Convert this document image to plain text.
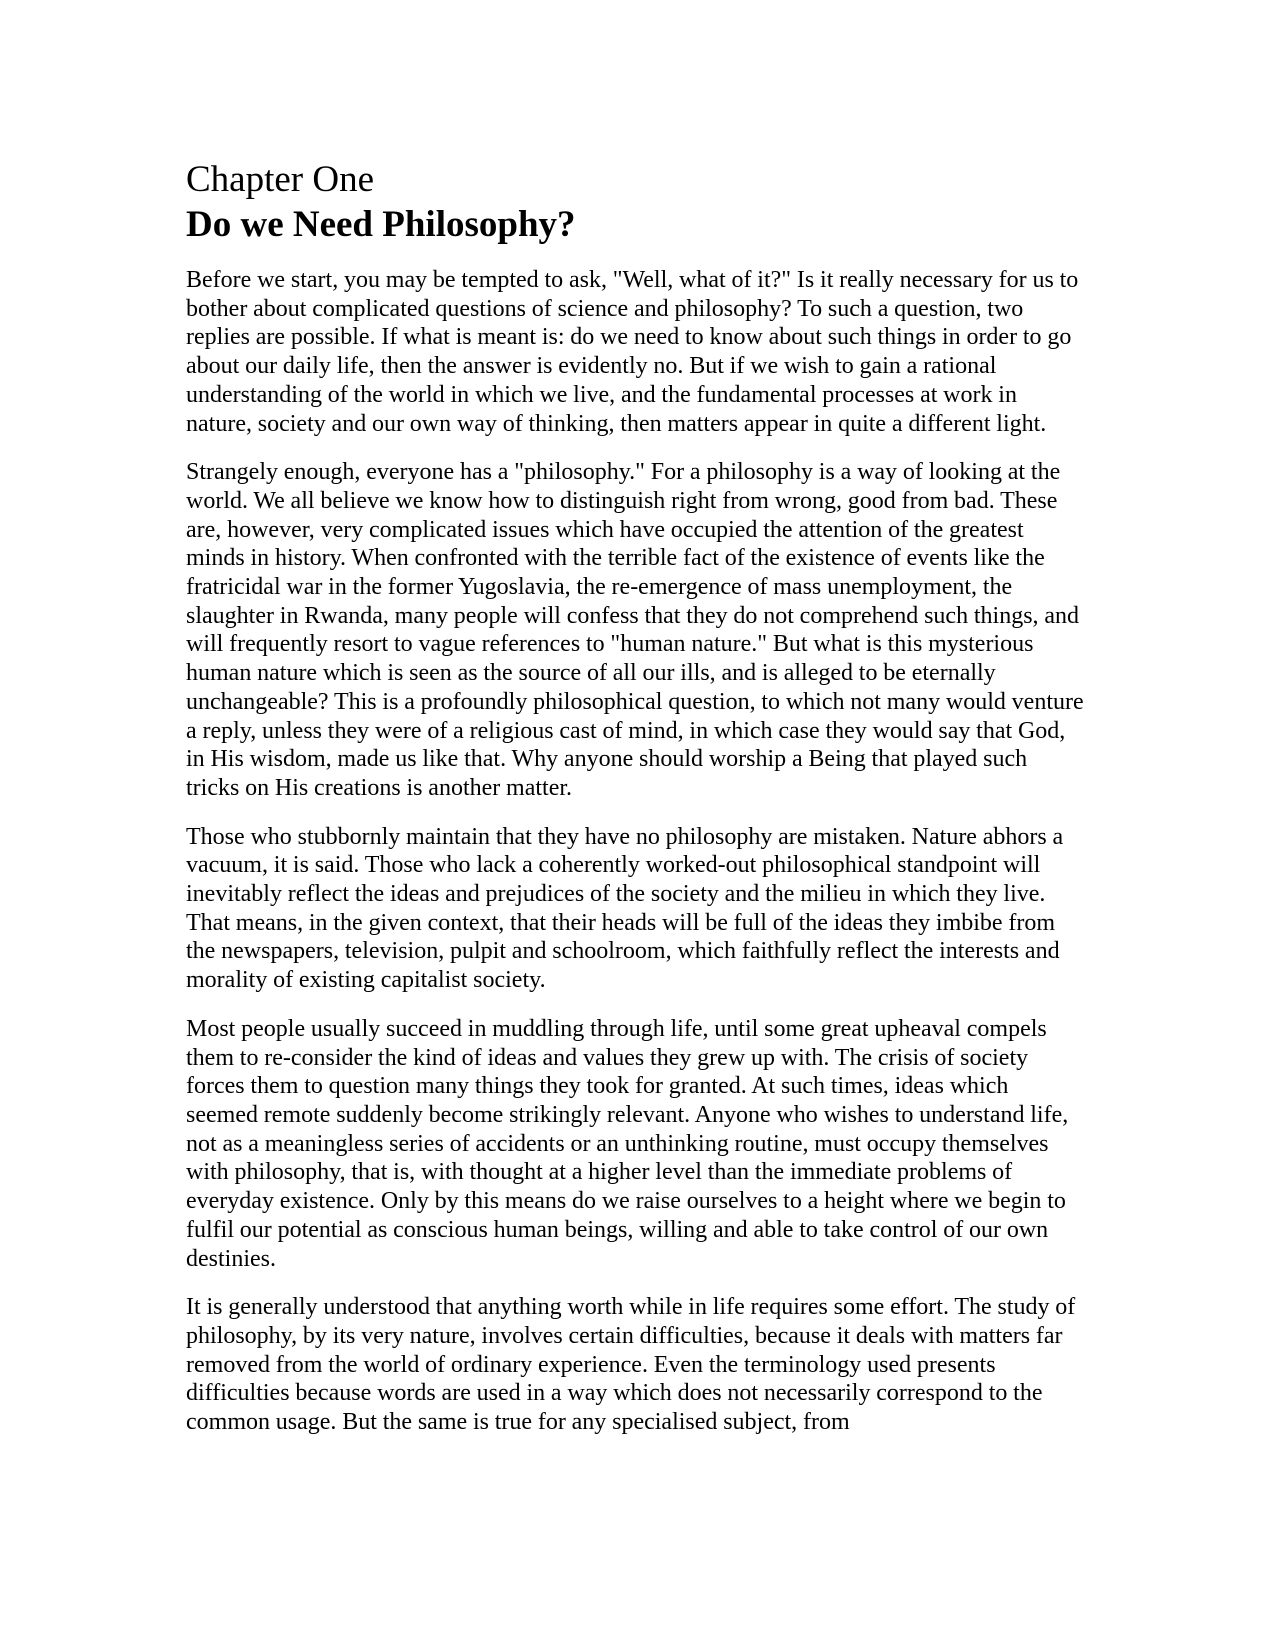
Chapter One
Do we Need Philosophy?

Before we start, you may be tempted to ask, "Well, what of it?" Is it really necessary for us to bother about complicated questions of science and philosophy? To such a question, two replies are possible. If what is meant is: do we need to know about such things in order to go about our daily life, then the answer is evidently no. But if we wish to gain a rational understanding of the world in which we live, and the fundamental processes at work in nature, society and our own way of thinking, then matters appear in quite a different light.

Strangely enough, everyone has a "philosophy." For a philosophy is a way of looking at the world. We all believe we know how to distinguish right from wrong, good from bad. These are, however, very complicated issues which have occupied the attention of the greatest minds in history. When confronted with the terrible fact of the existence of events like the fratricidal war in the former Yugoslavia, the re-emergence of mass unemployment, the slaughter in Rwanda, many people will confess that they do not comprehend such things, and will frequently resort to vague references to "human nature." But what is this mysterious human nature which is seen as the source of all our ills, and is alleged to be eternally unchangeable? This is a profoundly philosophical question, to which not many would venture a reply, unless they were of a religious cast of mind, in which case they would say that God, in His wisdom, made us like that. Why anyone should worship a Being that played such tricks on His creations is another matter.

Those who stubbornly maintain that they have no philosophy are mistaken. Nature abhors a vacuum, it is said. Those who lack a coherently worked-out philosophical standpoint will inevitably reflect the ideas and prejudices of the society and the milieu in which they live. That means, in the given context, that their heads will be full of the ideas they imbibe from the newspapers, television, pulpit and schoolroom, which faithfully reflect the interests and morality of existing capitalist society.

Most people usually succeed in muddling through life, until some great upheaval compels them to re-consider the kind of ideas and values they grew up with. The crisis of society forces them to question many things they took for granted. At such times, ideas which seemed remote suddenly become strikingly relevant. Anyone who wishes to understand life, not as a meaningless series of accidents or an unthinking routine, must occupy themselves with philosophy, that is, with thought at a higher level than the immediate problems of everyday existence. Only by this means do we raise ourselves to a height where we begin to fulfil our potential as conscious human beings, willing and able to take control of our own destinies.

It is generally understood that anything worth while in life requires some effort. The study of philosophy, by its very nature, involves certain difficulties, because it deals with matters far removed from the world of ordinary experience. Even the terminology used presents difficulties because words are used in a way which does not necessarily correspond to the common usage. But the same is true for any specialised subject, from
